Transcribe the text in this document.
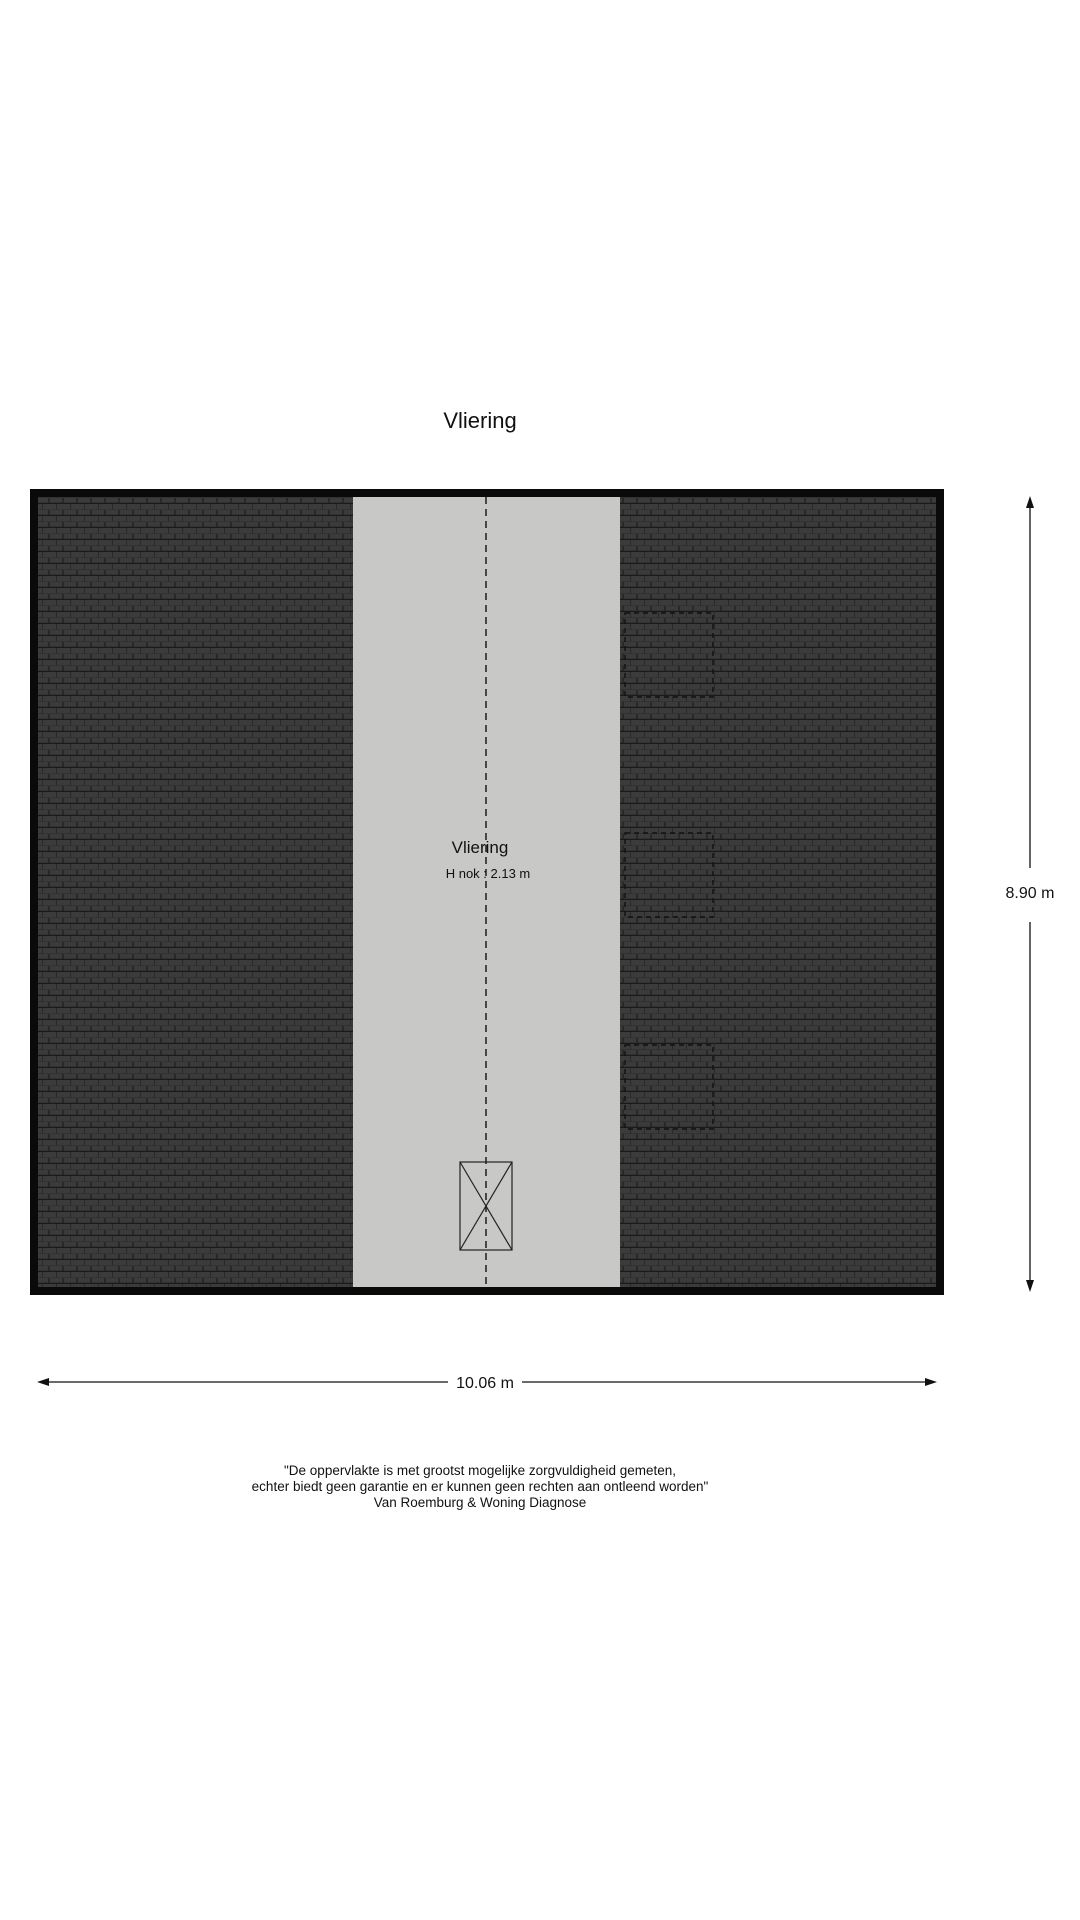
Vliering
Vliering
H nok : 2.13 m
8.90 m
10.06 m
"De oppervlakte is met grootst mogelijke zorgvuldigheid gemeten,
echter biedt geen garantie en er kunnen geen rechten aan ontleend worden"
Van Roemburg & Woning Diagnose
